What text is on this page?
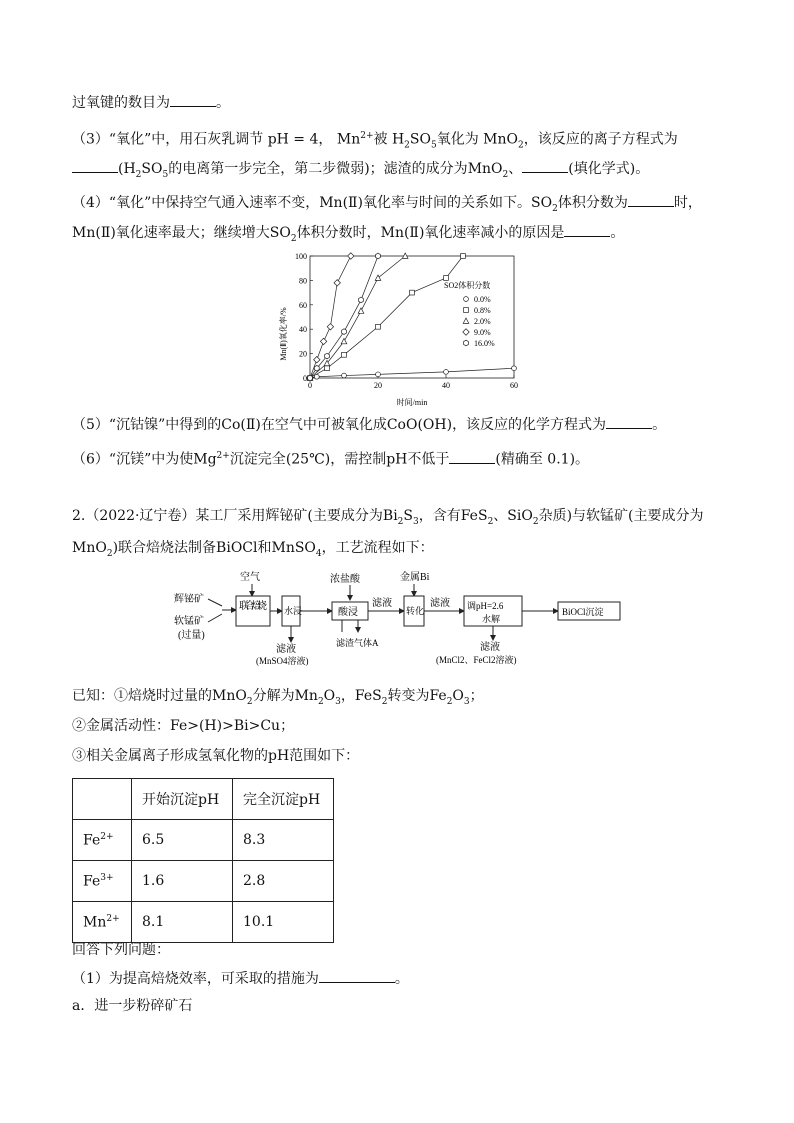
过氧键的数目为	。
（3）“氧化”中，用石灰乳调节 pH = 4， $Mn^{2+}$被 $H_2SO_5$氧化为 MnO$_2$，该反应的离子方程式为
($H_2SO_5$的电离第一步完全，第二步微弱)；滤渣的成分为MnO$_2$、	(填化学式)。
（4）“氧化”中保持空气通入速率不变，Mn(Ⅱ)氧化率与时间的关系如下。$SO_2$体积分数为	时，
Mn(Ⅱ)氧化速率最大；继续增大$SO_2$体积分数时，Mn(Ⅱ)氧化速率减小的原因是	。
Mn(Ⅱ)氧化率/%
时间/min
0	20	40	60
0
20
40
60
80
100
SO2体积分数
0.0%
0.8%
2.0%
9.0%
16.0%
（5）“沉钴镍”中得到的Co(Ⅱ)在空气中可被氧化成CoO(OH)，该反应的化学方程式为	。
（6）“沉镁”中为使$Mg^{2+}$沉淀完全(25℃)，需控制pH不低于	(精确至 0.1)。
2.（2022·辽宁卷）某工厂采用辉铋矿(主要成分为$Bi_2S_3$，含有FeS$_2$、SiO$_2$杂质)与软锰矿(主要成分为
MnO$_2$)联合焙烧法制备BiOCl和MnSO$_4$，工艺流程如下：
辉铋矿
软锰矿
(过量)
空气
联合焙烧 水浸
滤液
(MnSO4溶液)
浓盐酸
酸浸
滤渣 气体A
滤液
金属Bi
转化
滤液 调pH=2.6
水解
滤液
(MnCl2、FeCl2溶液)
BiOCl沉淀
已知：①焙烧时过量的MnO$_2$分解为$Mn_2O_3$，FeS$_2$转变为$Fe_2O_3$；
②金属活动性：Fe>(H)>Bi>Cu；
③相关金属离子形成氢氧化物的pH范围如下：
	开始沉淀pH	完全沉淀pH
$Fe^{2+}$	6.5	8.3
$Fe^{3+}$	1.6	2.8
$Mn^{2+}$	8.1	10.1
回答下列问题：
（1）为提高焙烧效率，可采取的措施为	。
a．进一步粉碎矿石
